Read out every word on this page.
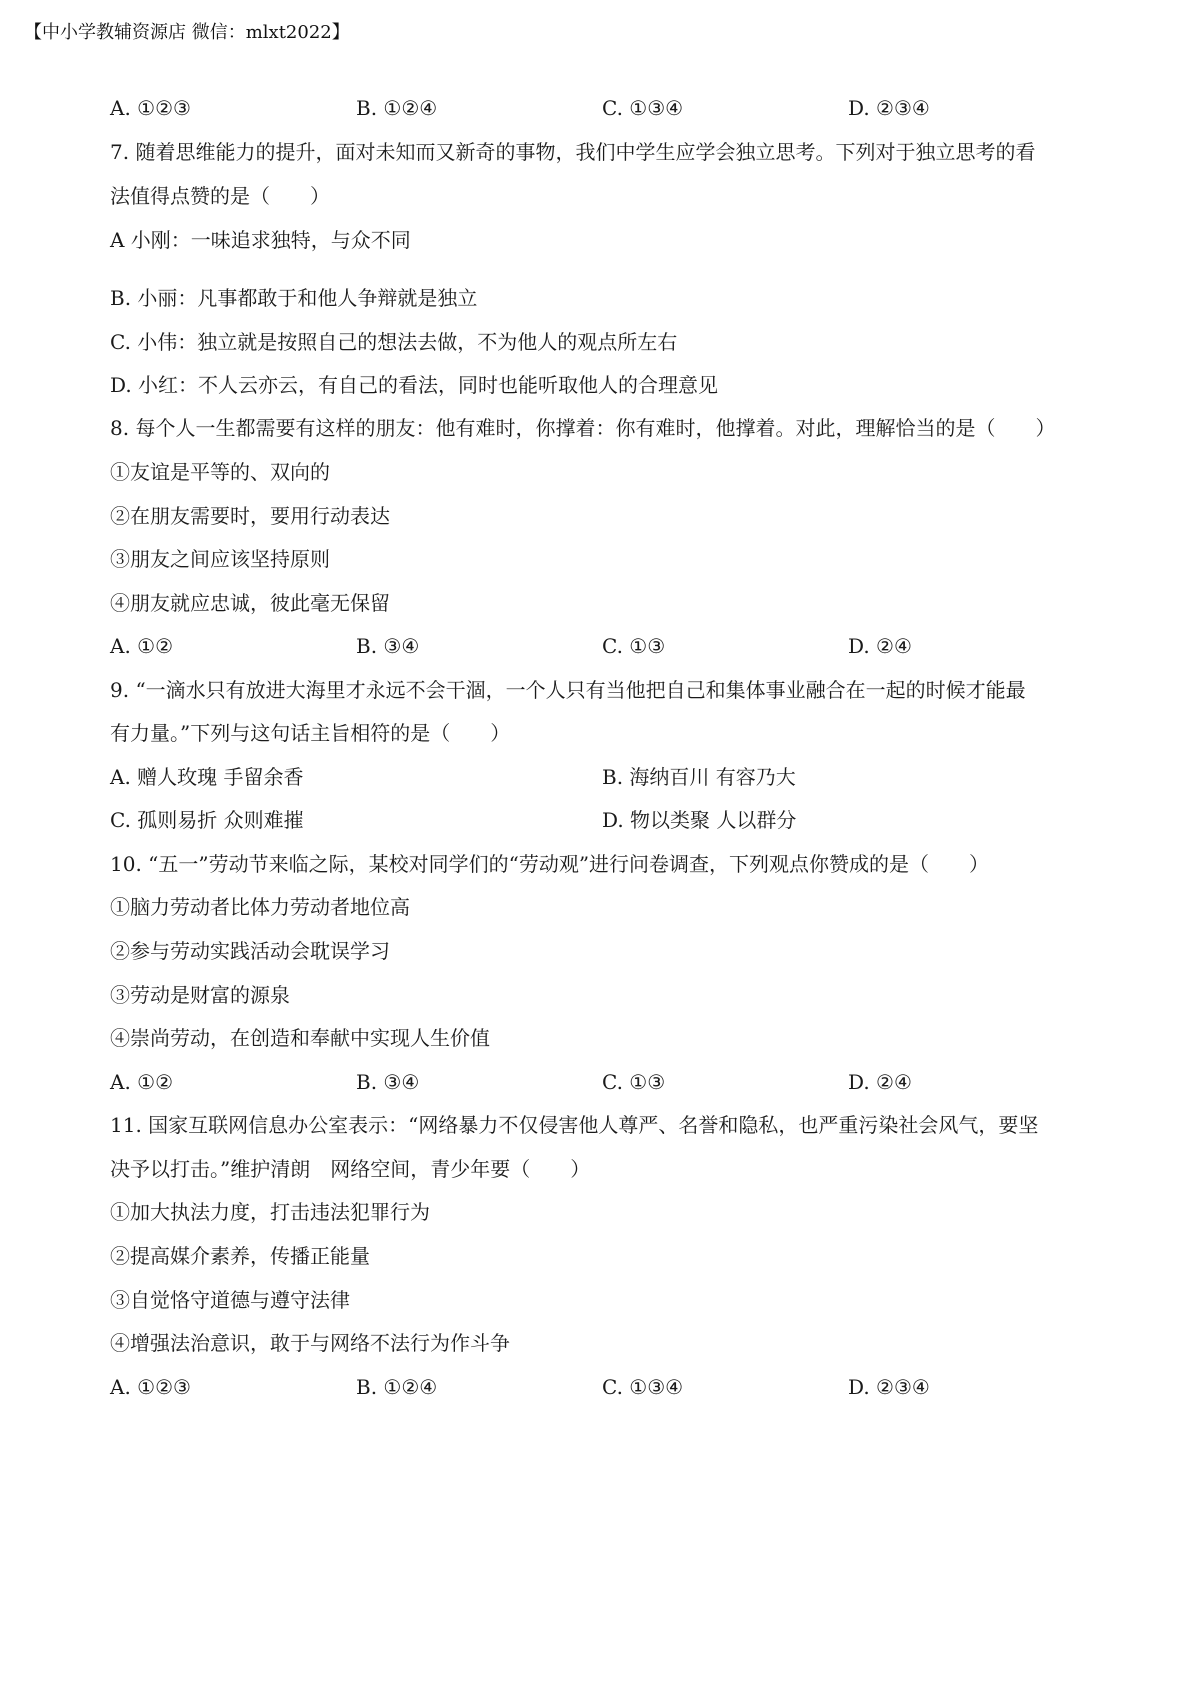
【中小学教辅资源店 微信：mlxt2022】
A. ①②③	B. ①②④	C. ①③④	D. ②③④
7. 随着思维能力的提升，面对未知而又新奇的事物，我们中学生应学会独立思考。下列对于独立思考的看
法值得点赞的是（　　）
A 小刚：一味追求独特，与众不同
B. 小丽：凡事都敢于和他人争辩就是独立
C. 小伟：独立就是按照自己的想法去做，不为他人的观点所左右
D. 小红：不人云亦云，有自己的看法，同时也能听取他人的合理意见
8. 每个人一生都需要有这样的朋友：他有难时，你撑着：你有难时，他撑着。对此，理解恰当的是（　　）
①友谊是平等的、双向的
②在朋友需要时，要用行动表达
③朋友之间应该坚持原则
④朋友就应忠诚，彼此毫无保留
A. ①②	B. ③④	C. ①③	D. ②④
9. “一滴水只有放进大海里才永远不会干涸，一个人只有当他把自己和集体事业融合在一起的时候才能最
有力量。”下列与这句话主旨相符的是（　　）
A. 赠人玫瑰 手留余香	B. 海纳百川 有容乃大
C. 孤则易折 众则难摧	D. 物以类聚 人以群分
10. “五一”劳动节来临之际，某校对同学们的“劳动观”进行问卷调查，下列观点你赞成的是（　　）
①脑力劳动者比体力劳动者地位高
②参与劳动实践活动会耽误学习
③劳动是财富的源泉
④崇尚劳动，在创造和奉献中实现人生价值
A. ①②	B. ③④	C. ①③	D. ②④
11. 国家互联网信息办公室表示：“网络暴力不仅侵害他人尊严、名誉和隐私，也严重污染社会风气，要坚
决予以打击。”维护清朗　网络空间，青少年要（　　）
①加大执法力度，打击违法犯罪行为
②提高媒介素养，传播正能量
③自觉恪守道德与遵守法律
④增强法治意识，敢于与网络不法行为作斗争
A. ①②③	B. ①②④	C. ①③④	D. ②③④
